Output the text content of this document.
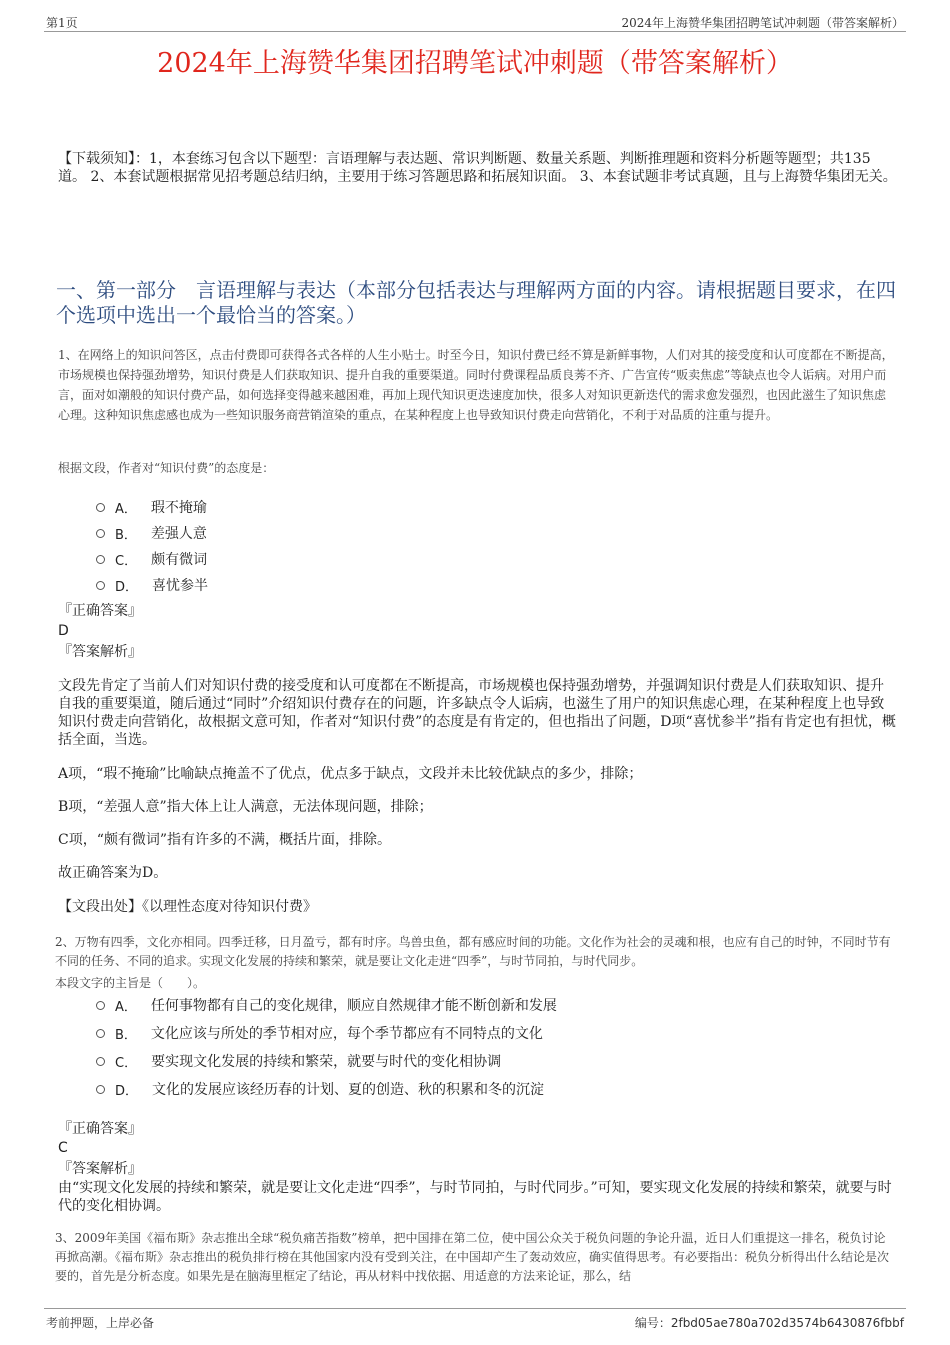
第1页	2024年上海赞华集团招聘笔试冲刺题（带答案解析）
2024年上海赞华集团招聘笔试冲刺题（带答案解析）
【下载须知】：1，本套练习包含以下题型：言语理解与表达题、常识判断题、数量关系题、判断推理题和资料分析题等题型；共135道。 2、本套试题根据常见招考题总结归纳，主要用于练习答题思路和拓展知识面。 3、本套试题非考试真题，且与上海赞华集团无关。
一、第一部分　言语理解与表达（本部分包括表达与理解两方面的内容。请根据题目要求，在四个选项中选出一个最恰当的答案。）
1、在网络上的知识问答区，点击付费即可获得各式各样的人生小贴士。时至今日，知识付费已经不算是新鲜事物，人们对其的接受度和认可度都在不断提高，市场规模也保持强劲增势，知识付费是人们获取知识、提升自我的重要渠道。同时付费课程品质良莠不齐、广告宣传“贩卖焦虑”等缺点也令人诟病。对用户而言，面对如潮般的知识付费产品，如何选择变得越来越困难，再加上现代知识更迭速度加快，很多人对知识更新迭代的需求愈发强烈，也因此滋生了知识焦虑心理。这种知识焦虑感也成为一些知识服务商营销渲染的重点，在某种程度上也导致知识付费走向营销化，不利于对品质的注重与提升。
根据文段，作者对“知识付费”的态度是：
A． 瑕不掩瑜
B． 差强人意
C． 颇有微词
D． 喜忧参半
『正确答案』
D
『答案解析』
文段先肯定了当前人们对知识付费的接受度和认可度都在不断提高，市场规模也保持强劲增势，并强调知识付费是人们获取知识、提升自我的重要渠道，随后通过“同时”介绍知识付费存在的问题，许多缺点令人诟病，也滋生了用户的知识焦虑心理，在某种程度上也导致知识付费走向营销化，故根据文意可知，作者对“知识付费”的态度是有肯定的，但也指出了问题，D项“喜忧参半”指有肯定也有担忧，概括全面，当选。
A项，“瑕不掩瑜”比喻缺点掩盖不了优点，优点多于缺点，文段并未比较优缺点的多少，排除；
B项，“差强人意”指大体上让人满意，无法体现问题，排除；
C项，“颇有微词”指有许多的不满，概括片面，排除。
故正确答案为D。
【文段出处】《以理性态度对待知识付费》
2、万物有四季，文化亦相同。四季迁移，日月盈亏，都有时序。鸟兽虫鱼，都有感应时间的功能。文化作为社会的灵魂和根，也应有自己的时钟，不同时节有不同的任务、不同的追求。实现文化发展的持续和繁荣，就是要让文化走进“四季”，与时节同拍，与时代同步。
本段文字的主旨是（　　）。
A． 任何事物都有自己的变化规律，顺应自然规律才能不断创新和发展
B． 文化应该与所处的季节相对应，每个季节都应有不同特点的文化
C． 要实现文化发展的持续和繁荣，就要与时代的变化相协调
D． 文化的发展应该经历春的计划、夏的创造、秋的积累和冬的沉淀
『正确答案』
C
『答案解析』
由“实现文化发展的持续和繁荣，就是要让文化走进“四季”，与时节同拍，与时代同步。”可知，要实现文化发展的持续和繁荣，就要与时代的变化相协调。
3、2009年美国《福布斯》杂志推出全球“税负痛苦指数”榜单，把中国排在第二位，使中国公众关于税负问题的争论升温，近日人们重提这一排名，税负讨论再掀高潮。《福布斯》杂志推出的税负排行榜在其他国家内没有受到关注，在中国却产生了轰动效应，确实值得思考。有必要指出：税负分析得出什么结论是次要的，首先是分析态度。如果先是在脑海里框定了结论，再从材料中找依据、用适意的方法来论证，那么，结
考前押题，上岸必备	编号：2fbd05ae780a702d3574b6430876fbbf
